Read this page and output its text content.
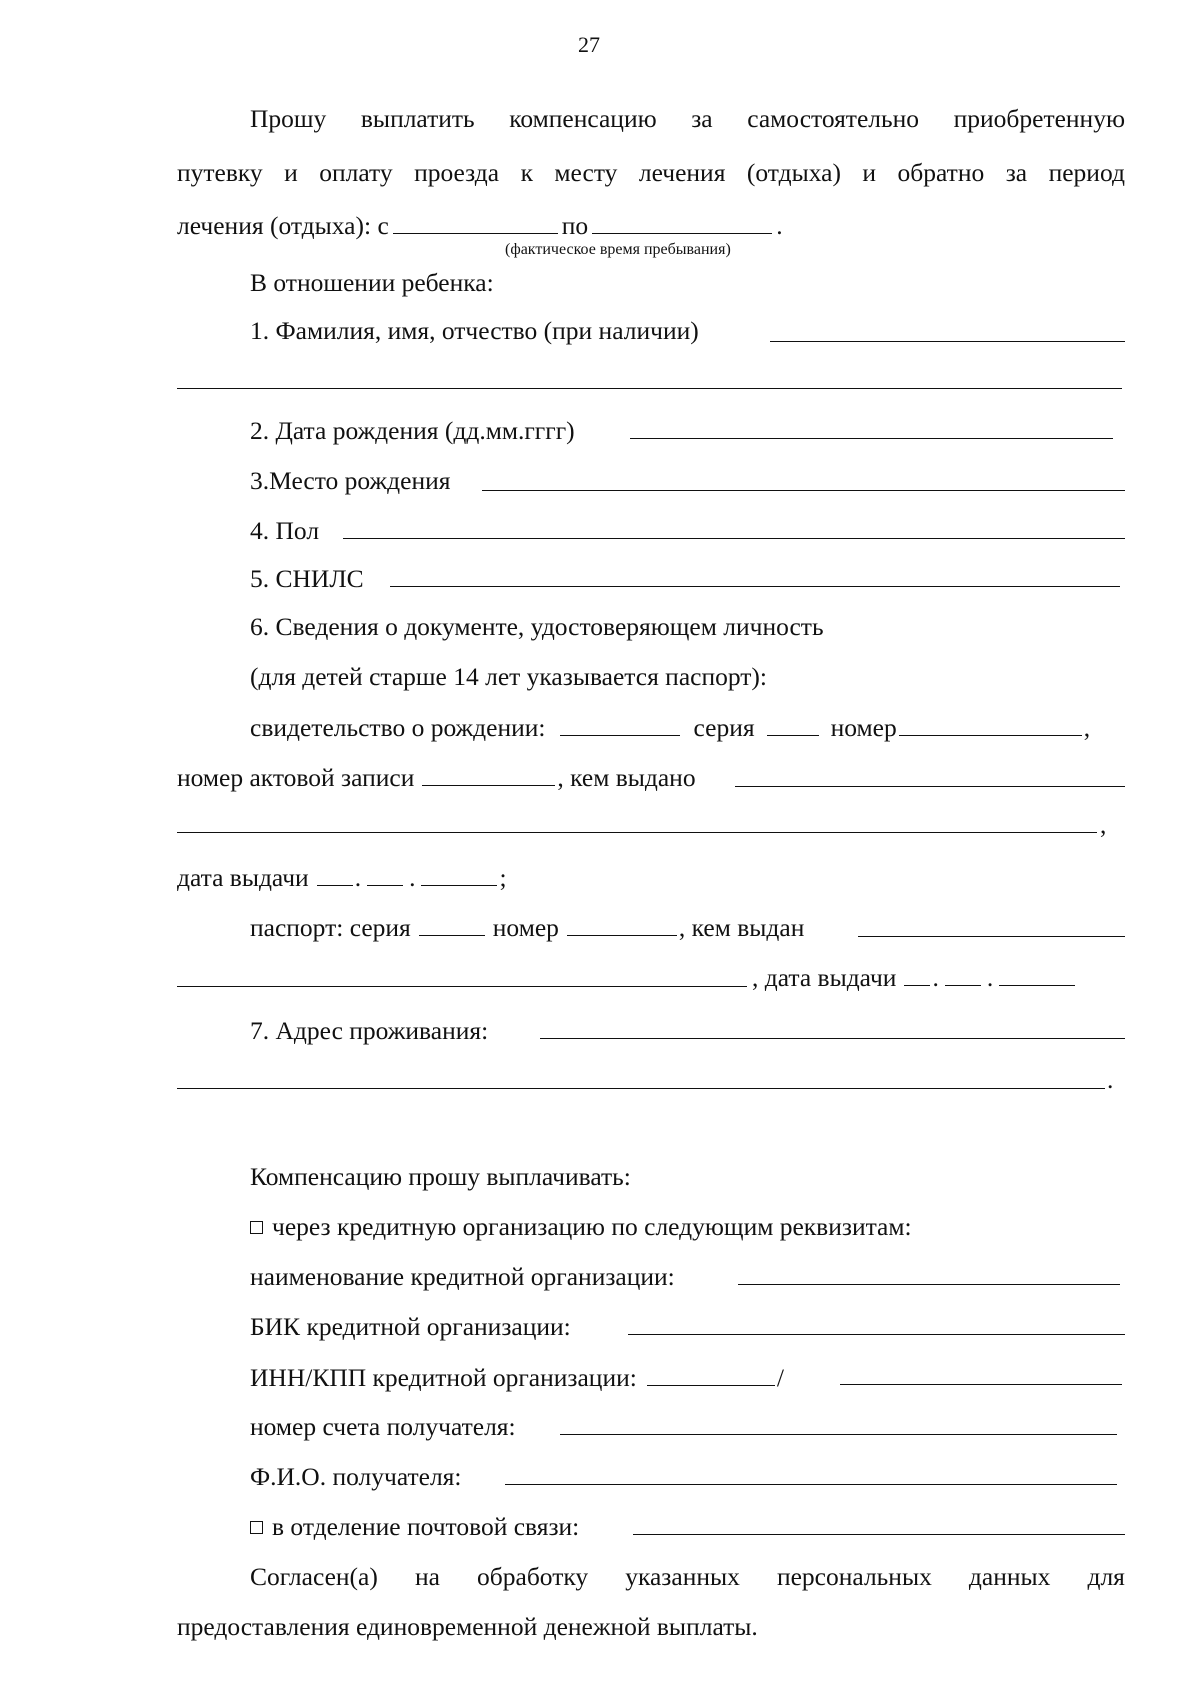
27
Прошу выплатить компенсацию за самостоятельно приобретенную
путевку и оплату проезда к месту лечения (отдыха) и обратно за период
лечения (отдыха): с	по	.
(фактическое время пребывания)
В отношении ребенка:
1. Фамилия, имя, отчество (при наличии)
2. Дата рождения (дд.мм.гггг)
3.Место рождения
4. Пол
5. СНИЛС
6. Сведения о документе, удостоверяющем личность
(для детей старше 14 лет указывается паспорт):
свидетельство о рождении:	серия	номер	,
номер актовой записи	, кем выдано
,
дата выдачи . .	;
паспорт: серия	номер	, кем выдан
, дата выдачи . .
7. Адрес проживания:
.
Компенсацию прошу выплачивать:
через кредитную организацию по следующим реквизитам:
наименование кредитной организации:
БИК кредитной организации:
ИНН/КПП кредитной организации:	/
номер счета получателя:
Ф.И.О. получателя:
в отделение почтовой связи:
Согласен(а) на обработку указанных персональных данных для
предоставления единовременной денежной выплаты.
